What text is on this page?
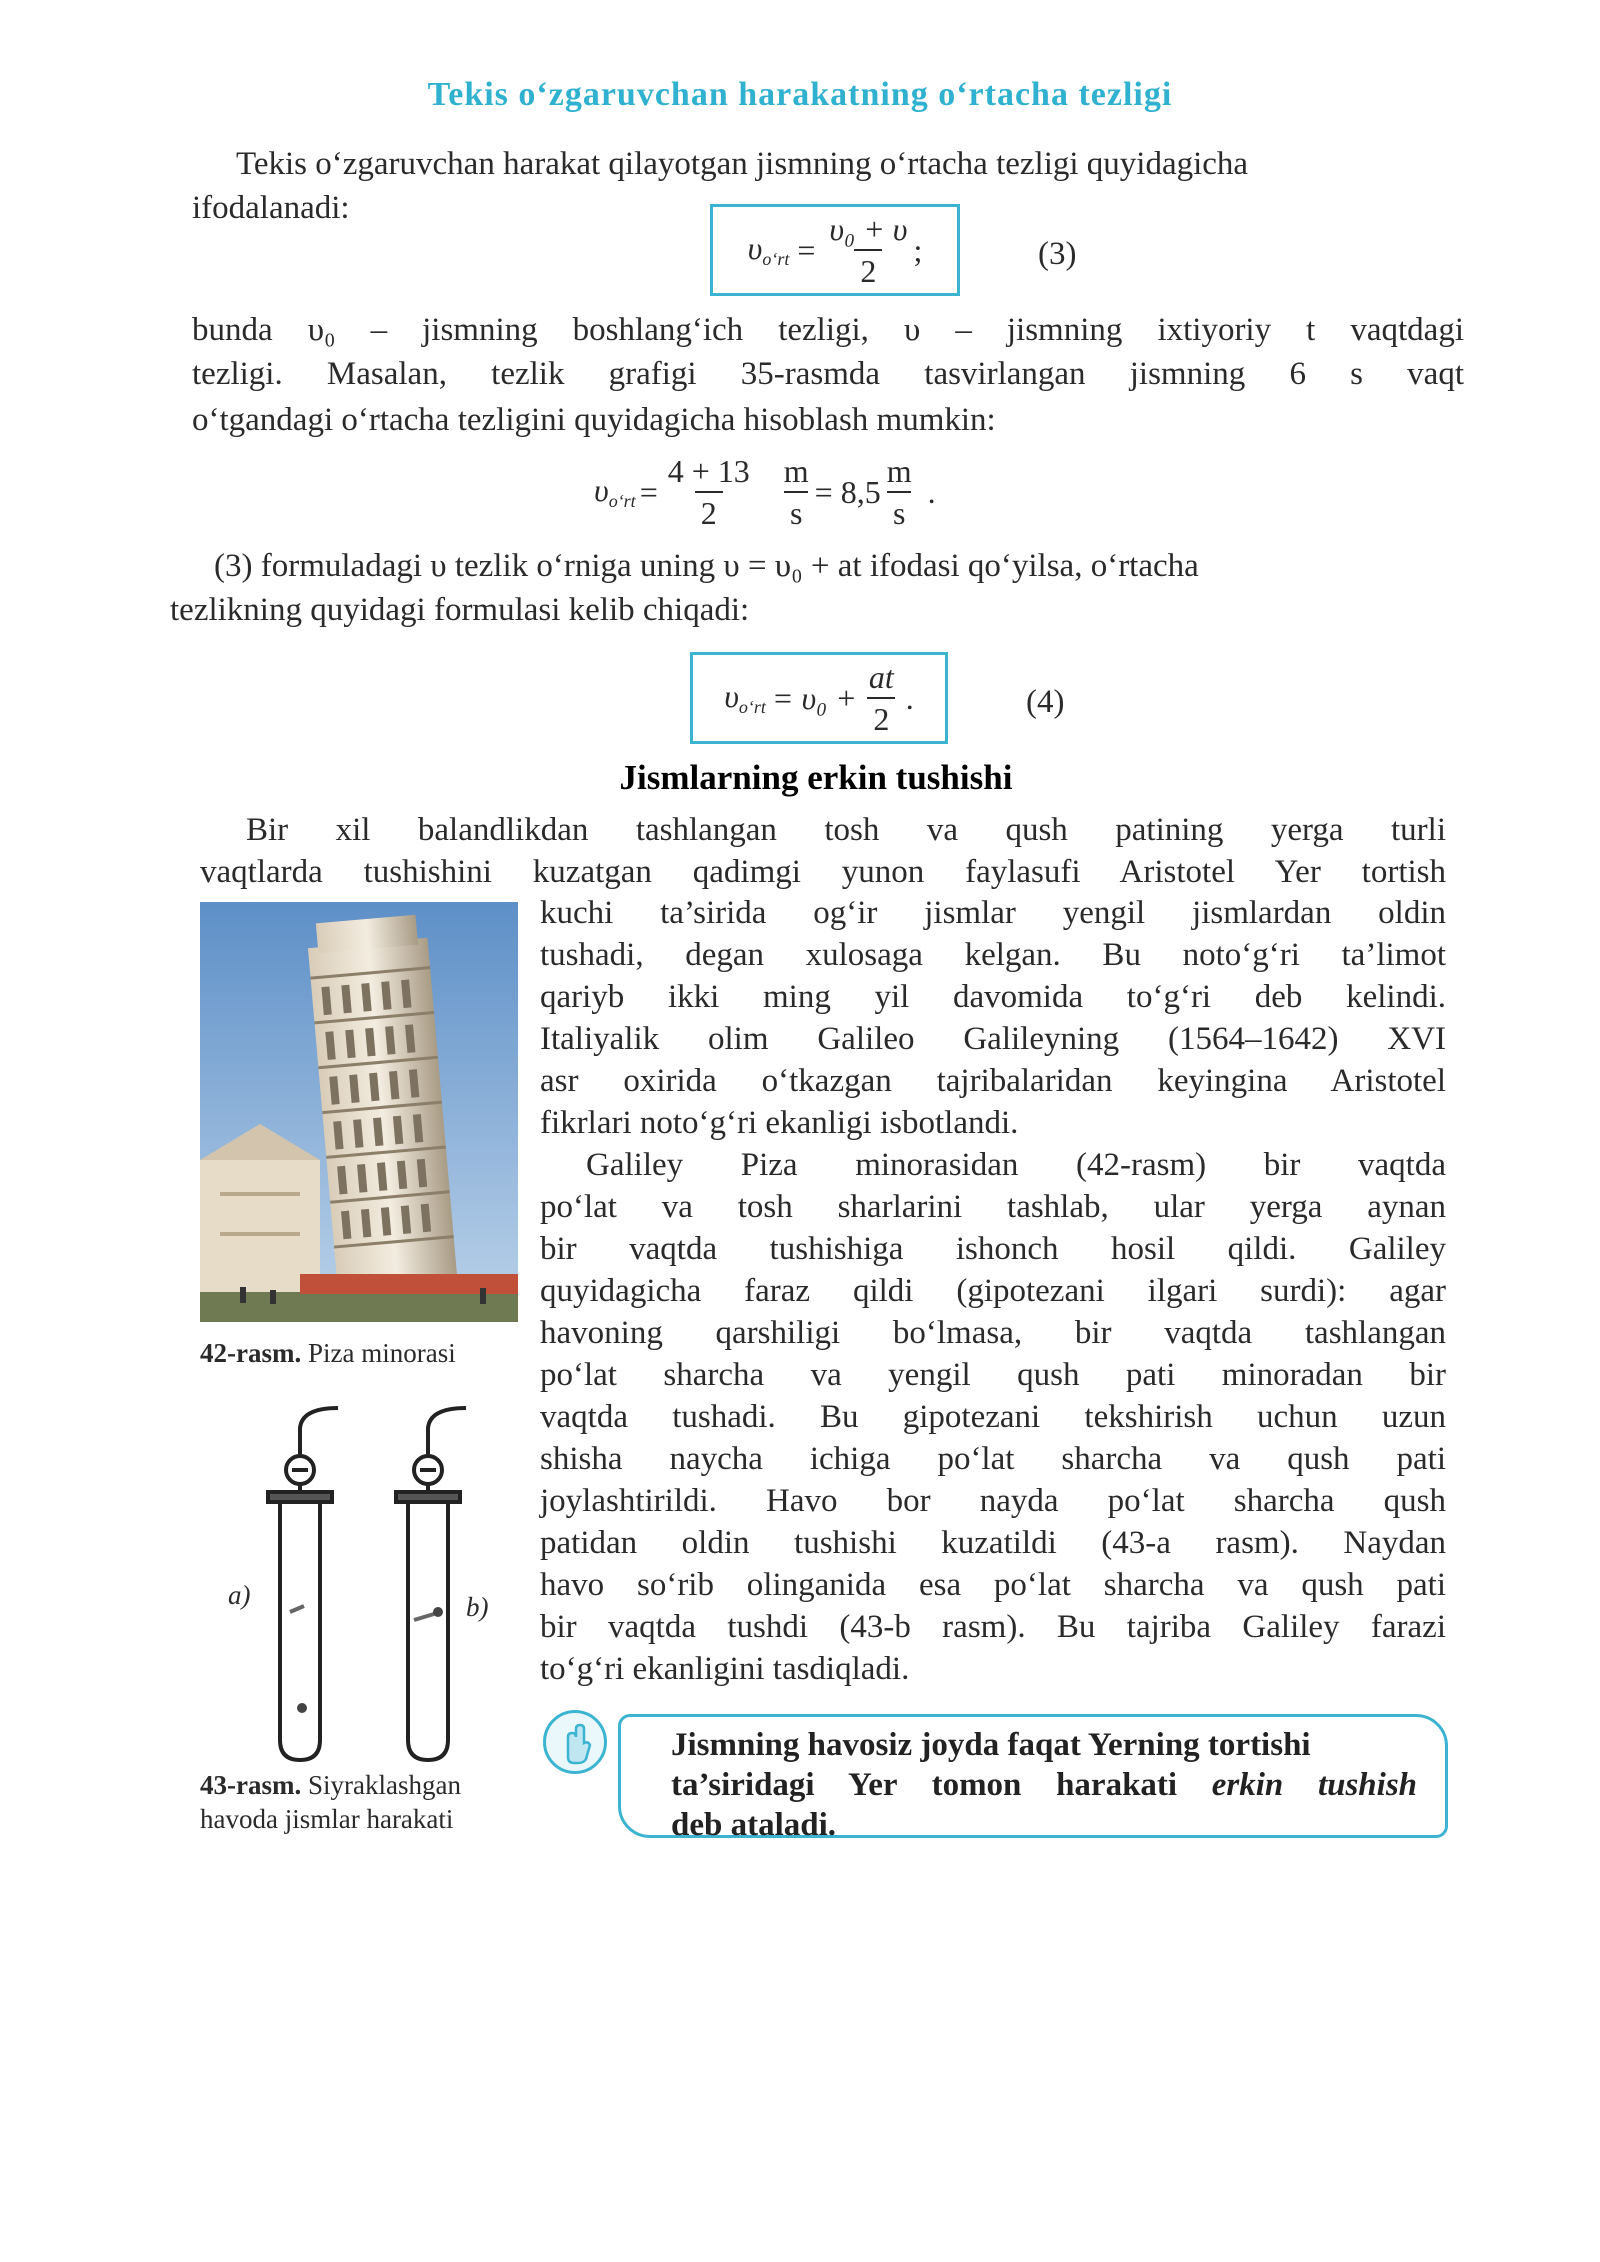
Tekis o‘zgaruvchan harakatning o‘rtacha tezligi
Tekis o‘zgaruvchan harakat qilayotgan jismning o‘rtacha tezligi quyidagicha
ifodalanadi:
$\upsilon_{o‘rt} = \frac{\text{υ₀ + υ}}{2}$ ;	(3)
bunda υ₀ – jismning boshlang‘ich tezligi, υ – jismning ixtiyoriy t vaqtdagi
tezligi. Masalan, tezlik grafigi 35-rasmda tasvirlangan jismning 6 s vaqt
o‘tgandagi o‘rtacha tezligini quyidagicha hisoblash mumkin:
$\upsilon_{o‘rt} = \frac{4 + 13}{2} \frac{m}{s} = 8,5 \frac{m}{s}$ .
(3) formuladagi υ tezlik o‘rniga uning υ = υ₀ + at ifodasi qo‘yilsa, o‘rtacha
tezlikning quyidagi formulasi kelib chiqadi:
$\upsilon_{o‘rt} = \upsilon_0 + \frac{at}{2}$ .	(4)
Jismlarning erkin tushishi
Bir xil balandlikdan tashlangan tosh va qush patining yerga turli
vaqtlarda tushishini kuzatgan qadimgi yunon faylasufi Aristotel Yer tortish
kuchi ta’sirida og‘ir jismlar yengil jismlardan oldin
tushadi, degan xulosaga kelgan. Bu noto‘g‘ri ta’limot
qariyb ikki ming yil davomida to‘g‘ri deb kelindi.
Italiyalik olim Galileo Galileyning (1564–1642) XVI
asr oxirida o‘tkazgan tajribalaridan keyingina Aristotel
fikrlari noto‘g‘ri ekanligi isbotlandi.
Galiley Piza minorasidan (42-rasm) bir vaqtda
po‘lat va tosh sharlarini tashlab, ular yerga aynan
bir vaqtda tushishiga ishonch hosil qildi. Galiley
quyidagicha faraz qildi (gipotezani ilgari surdi): agar
havoning qarshiligi bo‘lmasa, bir vaqtda tashlangan
po‘lat sharcha va yengil qush pati minoradan bir
vaqtda tushadi. Bu gipotezani tekshirish uchun uzun
shisha naycha ichiga po‘lat sharcha va qush pati
joylashtirildi. Havo bor nayda po‘lat sharcha qush
patidan oldin tushishi kuzatildi (43-a rasm). Naydan
havo so‘rib olinganida esa po‘lat sharcha va qush pati
bir vaqtda tushdi (43-b rasm). Bu tajriba Galiley farazi
to‘g‘ri ekanligini tasdiqladi.
42-rasm. Piza minorasi
a)	b)
43-rasm. Siyraklashgan
havoda jismlar harakati
Jismning havosiz joyda faqat Yerning tortishi
ta’siridagi Yer tomon harakati erkin tushish
deb ataladi.
